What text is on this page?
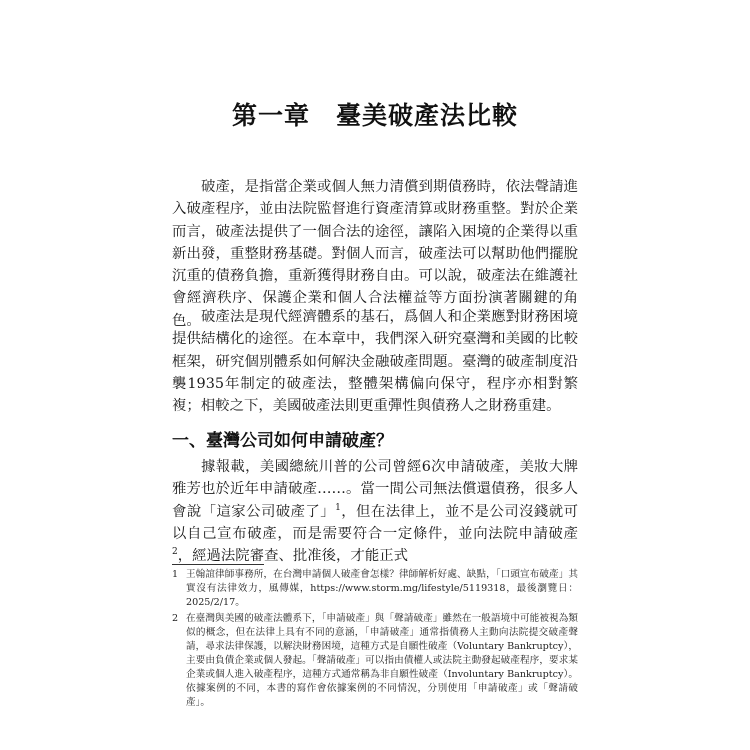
第一章 臺美破產法比較

破產，是指當企業或個人無力清償到期債務時，依法聲請進入破產程序，並由法院監督進行資產清算或財務重整。對於企業而言，破產法提供了一個合法的途徑，讓陷入困境的企業得以重新出發，重整財務基礎。對個人而言，破產法可以幫助他們擺脫沉重的債務負擔，重新獲得財務自由。可以說，破產法在維護社會經濟秩序、保護企業和個人合法權益等方面扮演著關鍵的角色。 破產法是現代經濟體系的基石，爲個人和企業應對財務困境提供結構化的途徑。在本章中，我們深入研究臺灣和美國的比較框架，研究個別體系如何解決金融破產問題。臺灣的破產制度沿襲1935年制定的破產法，整體架構偏向保守，程序亦相對繁複；相較之下，美國破產法則更重彈性與債務人之財務重建。

一、臺灣公司如何申請破產？

據報載，美國總統川普的公司曾經6次申請破產，美妝大牌雅芳也於近年申請破產……。當一間公司無法償還債務，很多人會說「這家公司破產了」$^1$，但在法律上，並不是公司沒錢就可以自己宣布破產，而是需要符合一定條件，並向法院申請破產$^2$，經過法院審查、批准後，才能正式

1 王翰誼律師事務所，在台灣申請個人破產會怎樣？律師解析好處、缺點，「口頭宣布破產」其實沒有法律效力，風傳媒，https://www.storm.mg/lifestyle/5119318，最後瀏覽日：2025/2/17。
2 在臺灣與美國的破產法體系下，「申請破產」與「聲請破產」雖然在一般語境中可能被視為類似的概念，但在法律上具有不同的意涵，「申請破產」通常指債務人主動向法院提交破產聲請，尋求法律保護，以解決財務困境，這種方式是自願性破產（Voluntary Bankruptcy），主要由負債企業或個人發起。「聲請破產」可以指由債權人或法院主動發起破產程序，要求某企業或個人進入破產程序，這種方式通常稱為非自願性破產（Involuntary Bankruptcy）。依據案例的不同，本書的寫作會依據案例的不同情況，分別使用「申請破產」或「聲請破產」。
